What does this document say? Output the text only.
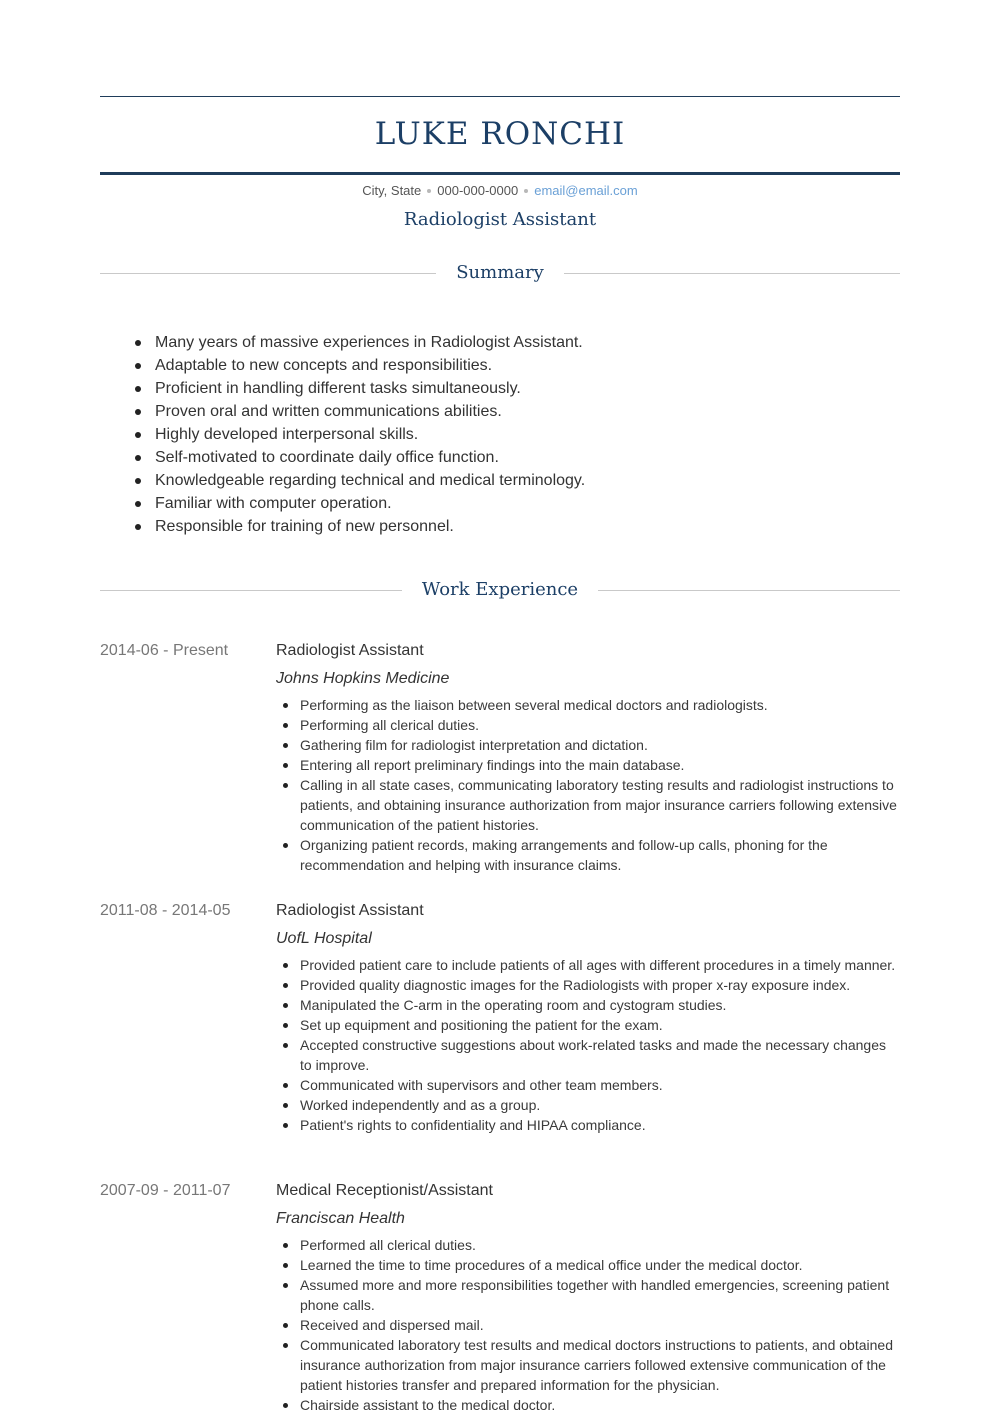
LUKE RONCHI
City, State 000-000-0000 email@email.com
Radiologist Assistant
Summary
Many years of massive experiences in Radiologist Assistant.
Adaptable to new concepts and responsibilities.
Proficient in handling different tasks simultaneously.
Proven oral and written communications abilities.
Highly developed interpersonal skills.
Self-motivated to coordinate daily office function.
Knowledgeable regarding technical and medical terminology.
Familiar with computer operation.
Responsible for training of new personnel.
Work Experience
2014-06 - Present	Radiologist Assistant
Johns Hopkins Medicine
Performing as the liaison between several medical doctors and radiologists.
Performing all clerical duties.
Gathering film for radiologist interpretation and dictation.
Entering all report preliminary findings into the main database.
Calling in all state cases, communicating laboratory testing results and radiologist instructions to patients, and obtaining insurance authorization from major insurance carriers following extensive communication of the patient histories.
Organizing patient records, making arrangements and follow-up calls, phoning for the recommendation and helping with insurance claims.
2011-08 - 2014-05	Radiologist Assistant
UofL Hospital
Provided patient care to include patients of all ages with different procedures in a timely manner.
Provided quality diagnostic images for the Radiologists with proper x-ray exposure index.
Manipulated the C-arm in the operating room and cystogram studies.
Set up equipment and positioning the patient for the exam.
Accepted constructive suggestions about work-related tasks and made the necessary changes to improve.
Communicated with supervisors and other team members.
Worked independently and as a group.
Patient's rights to confidentiality and HIPAA compliance.
2007-09 - 2011-07	Medical Receptionist/Assistant
Franciscan Health
Performed all clerical duties.
Learned the time to time procedures of a medical office under the medical doctor.
Assumed more and more responsibilities together with handled emergencies, screening patient phone calls.
Received and dispersed mail.
Communicated laboratory test results and medical doctors instructions to patients, and obtained insurance authorization from major insurance carriers followed extensive communication of the patient histories transfer and prepared information for the physician.
Chairside assistant to the medical doctor.
